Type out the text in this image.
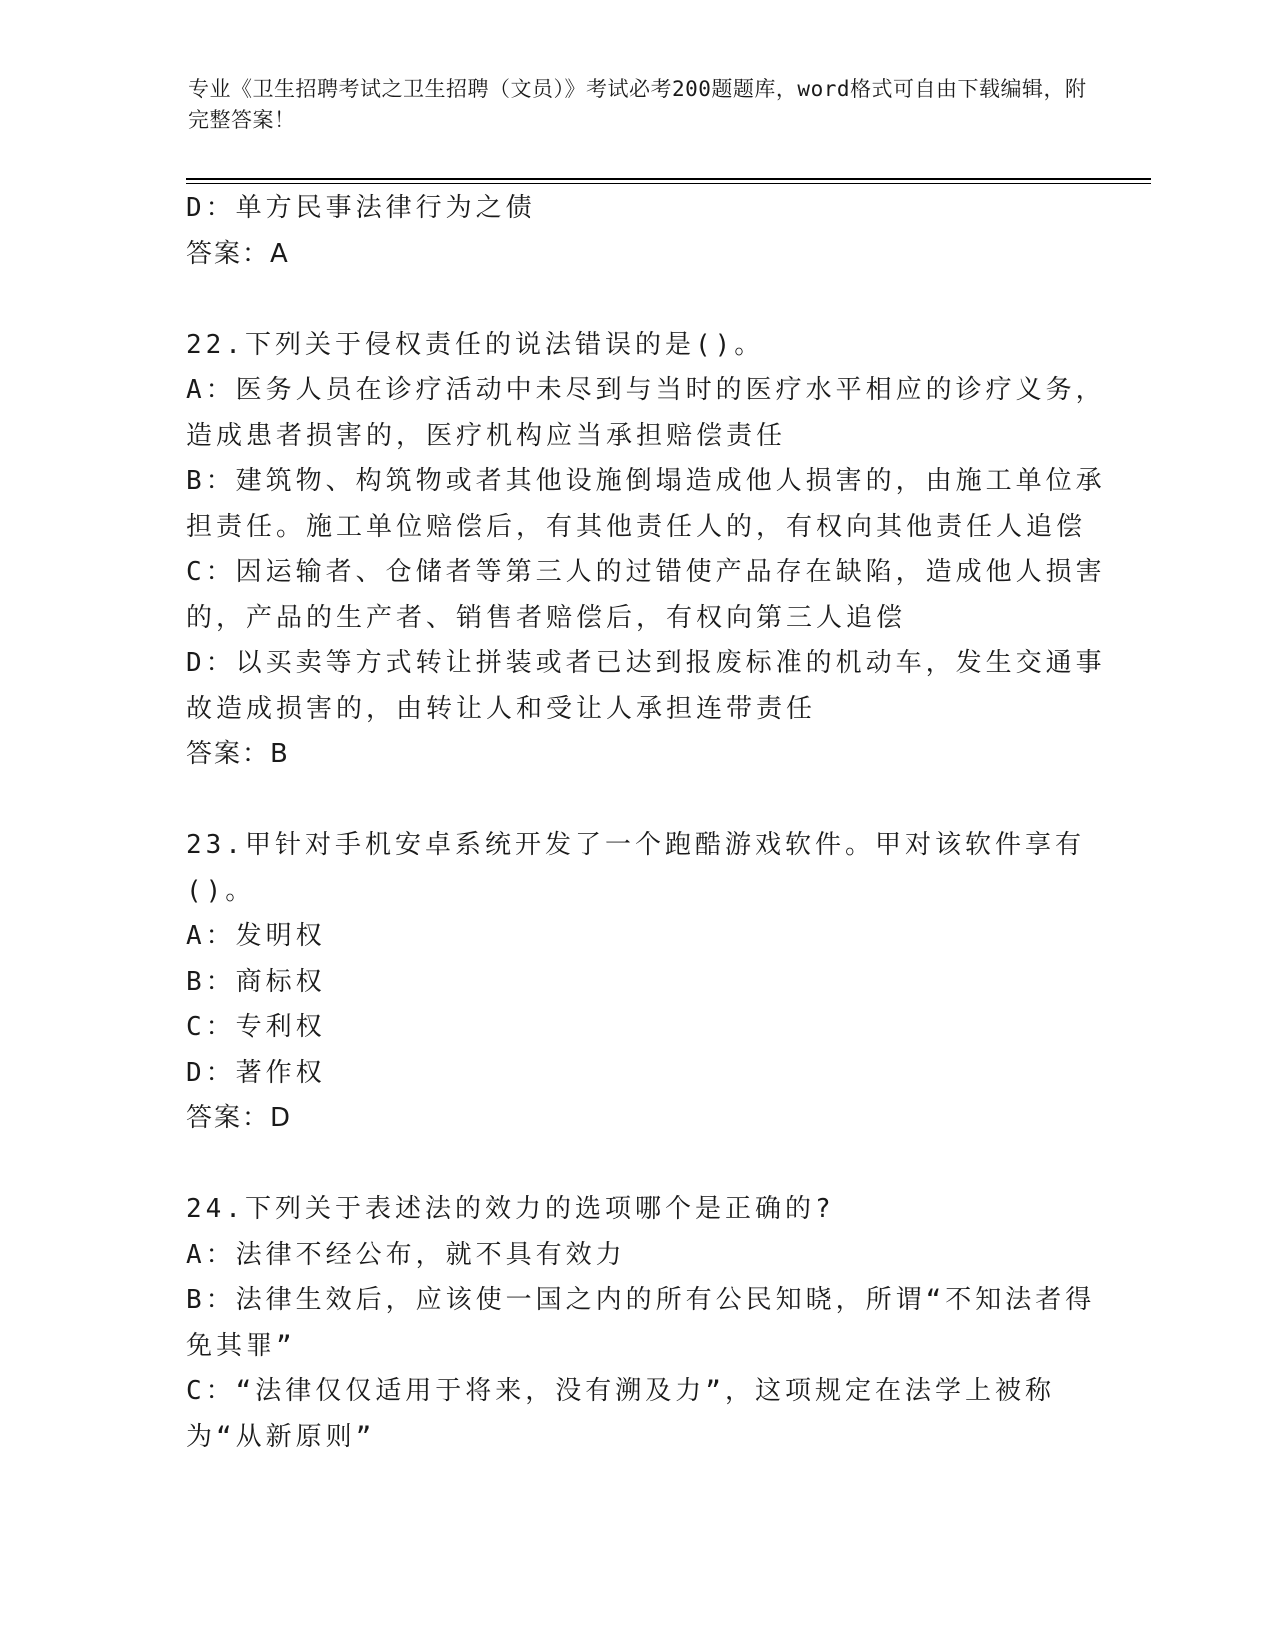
专业《卫生招聘考试之卫生招聘（文员）》考试必考200题题库，word格式可自由下载编辑，附完整答案！
D：单方民事法律行为之债
答案：A
22.下列关于侵权责任的说法错误的是()。
A：医务人员在诊疗活动中未尽到与当时的医疗水平相应的诊疗义务，造成患者损害的，医疗机构应当承担赔偿责任
B：建筑物、构筑物或者其他设施倒塌造成他人损害的，由施工单位承担责任。施工单位赔偿后，有其他责任人的，有权向其他责任人追偿
C：因运输者、仓储者等第三人的过错使产品存在缺陷，造成他人损害的，产品的生产者、销售者赔偿后，有权向第三人追偿
D：以买卖等方式转让拼装或者已达到报废标准的机动车，发生交通事故造成损害的，由转让人和受让人承担连带责任
答案：B
23.甲针对手机安卓系统开发了一个跑酷游戏软件。甲对该软件享有()。
A：发明权
B：商标权
C：专利权
D：著作权
答案：D
24.下列关于表述法的效力的选项哪个是正确的?
A：法律不经公布，就不具有效力
B：法律生效后，应该使一国之内的所有公民知晓，所谓“不知法者得免其罪”
C：“法律仅仅适用于将来，没有溯及力”，这项规定在法学上被称为“从新原则”
